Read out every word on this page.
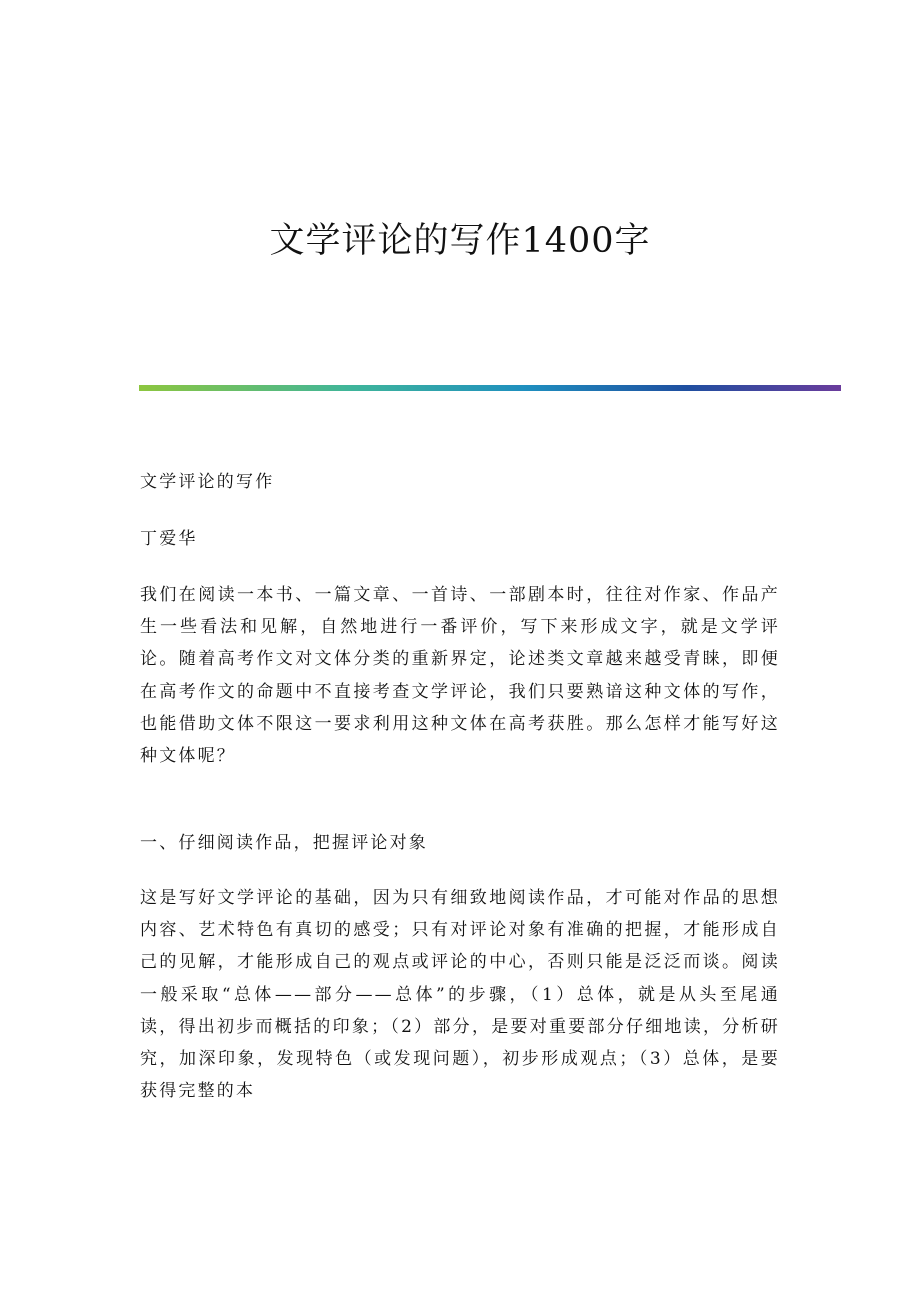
文学评论的写作1400字

文学评论的写作

丁爱华

我们在阅读一本书、一篇文章、一首诗、一部剧本时，往往对作家、作品产生一些看法和见解，自然地进行一番评价，写下来形成文字，就是文学评论。随着高考作文对文体分类的重新界定，论述类文章越来越受青睐，即便在高考作文的命题中不直接考查文学评论，我们只要熟谙这种文体的写作，也能借助文体不限这一要求利用这种文体在高考获胜。那么怎样才能写好这种文体呢？

一、仔细阅读作品，把握评论对象

这是写好文学评论的基础，因为只有细致地阅读作品，才可能对作品的思想内容、艺术特色有真切的感受；只有对评论对象有准确的把握，才能形成自己的见解，才能形成自己的观点或评论的中心，否则只能是泛泛而谈。阅读一般采取“总体——部分——总体”的步骤，（1）总体，就是从头至尾通读，得出初步而概括的印象；（2）部分，是要对重要部分仔细地读，分析研究，加深印象，发现特色（或发现问题），初步形成观点；（3）总体，是要获得完整的本
